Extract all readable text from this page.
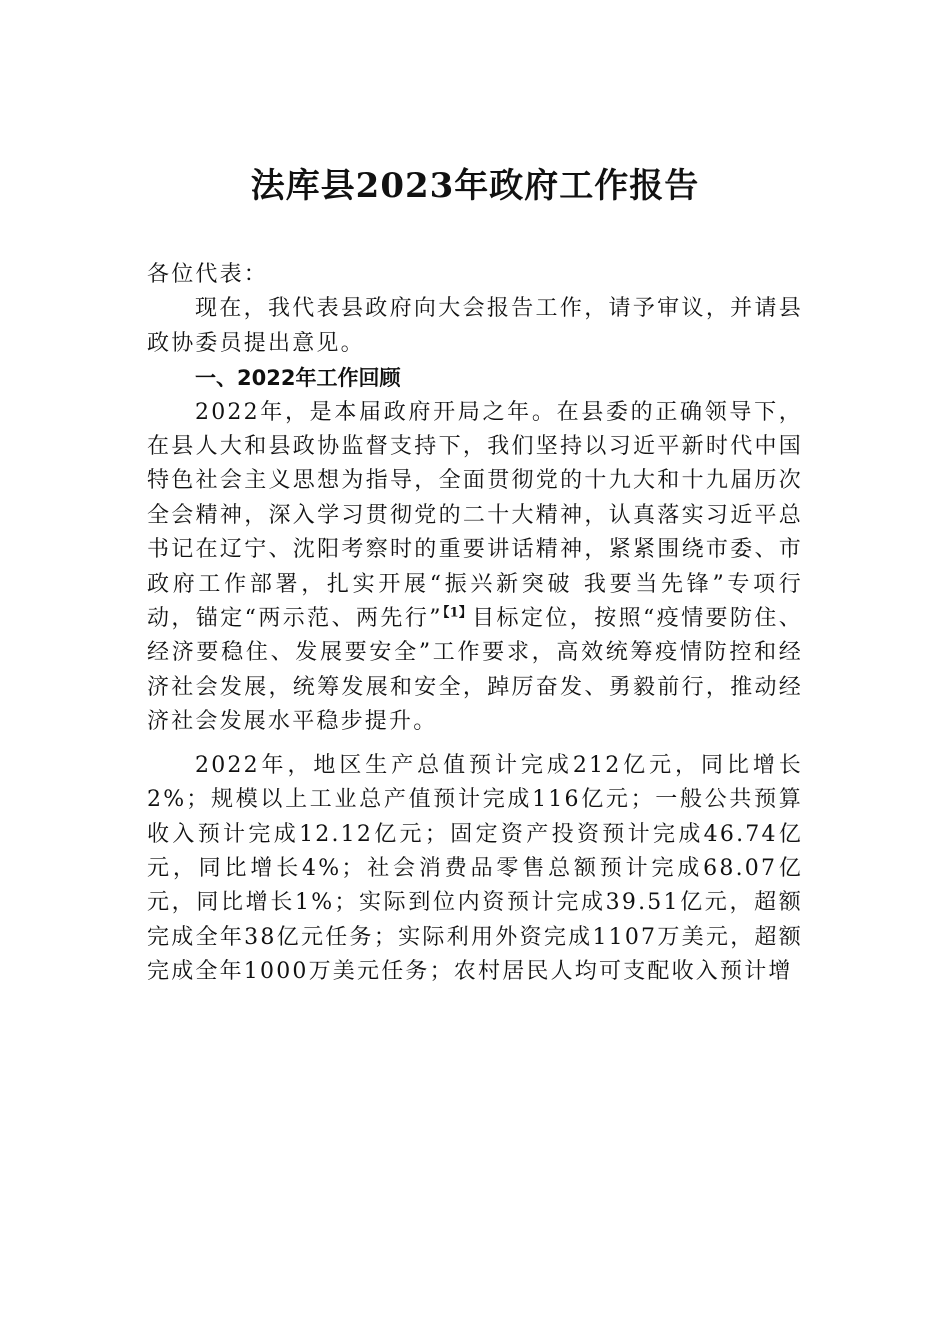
法库县2023年政府工作报告

各位代表：

现在，我代表县政府向大会报告工作，请予审议，并请县政协委员提出意见。

一、2022年工作回顾

2022年，是本届政府开局之年。在县委的正确领导下，在县人大和县政协监督支持下，我们坚持以习近平新时代中国特色社会主义思想为指导，全面贯彻党的十九大和十九届历次全会精神，深入学习贯彻党的二十大精神，认真落实习近平总书记在辽宁、沈阳考察时的重要讲话精神，紧紧围绕市委、市政府工作部署，扎实开展“振兴新突破 我要当先锋”专项行动，锚定“两示范、两先行”$^{【1】}$目标定位，按照“疫情要防住、经济要稳住、发展要安全”工作要求，高效统筹疫情防控和经济社会发展，统筹发展和安全，踔厉奋发、勇毅前行，推动经济社会发展水平稳步提升。

2022年，地区生产总值预计完成212亿元，同比增长2%；规模以上工业总产值预计完成116亿元；一般公共预算收入预计完成12.12亿元；固定资产投资预计完成46.74亿元，同比增长4%；社会消费品零售总额预计完成68.07亿元，同比增长1%；实际到位内资预计完成39.51亿元，超额完成全年38亿元任务；实际利用外资完成1107万美元，超额完成全年1000万美元任务；农村居民人均可支配收入预计增
